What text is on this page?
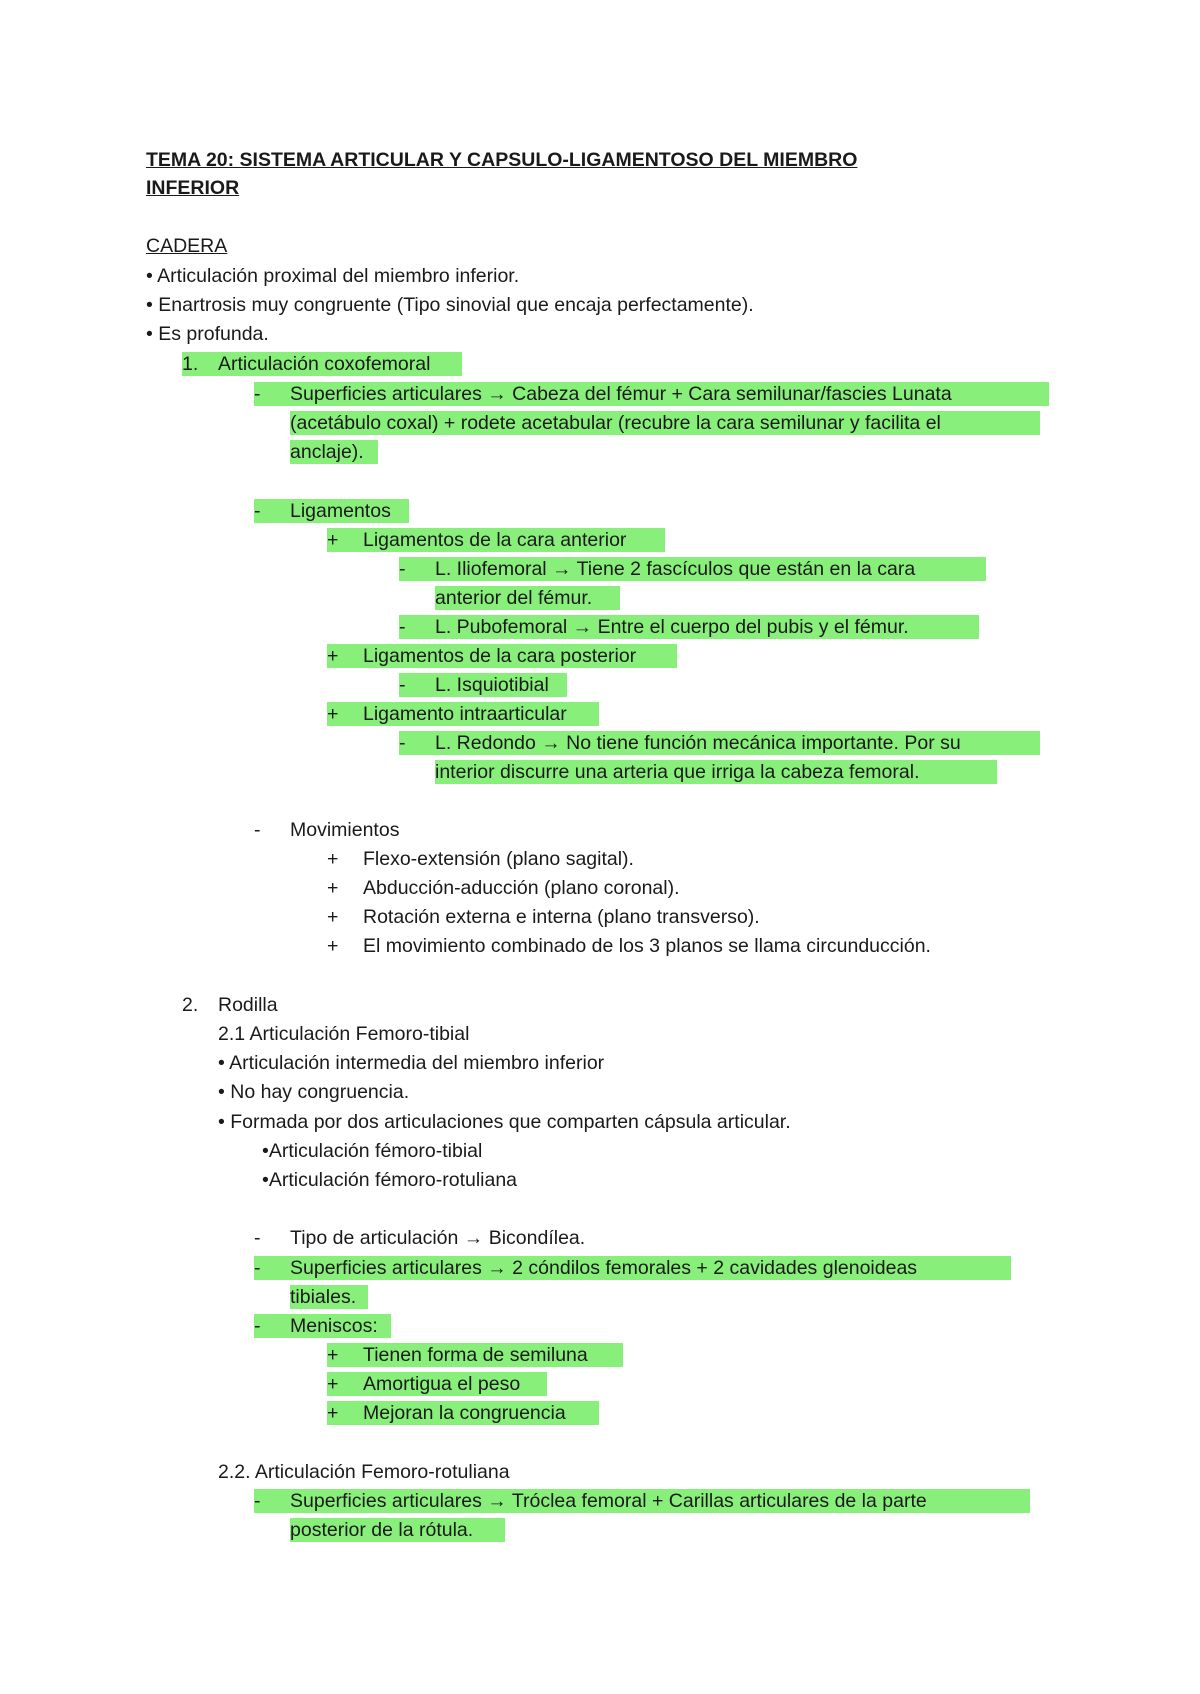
TEMA 20: SISTEMA ARTICULAR Y CAPSULO-LIGAMENTOSO DEL MIEMBRO
INFERIOR
CADERA
• Articulación proximal del miembro inferior.
• Enartrosis muy congruente (Tipo sinovial que encaja perfectamente).
• Es profunda.
1. Articulación coxofemoral
- Superficies articulares → Cabeza del fémur + Cara semilunar/fascies Lunata
(acetábulo coxal) + rodete acetabular (recubre la cara semilunar y facilita el
anclaje).
- Ligamentos
+ Ligamentos de la cara anterior
- L. Iliofemoral → Tiene 2 fascículos que están en la cara
anterior del fémur.
- L. Pubofemoral → Entre el cuerpo del pubis y el fémur.
+ Ligamentos de la cara posterior
- L. Isquiotibial
+ Ligamento intraarticular
- L. Redondo → No tiene función mecánica importante. Por su
interior discurre una arteria que irriga la cabeza femoral.
- Movimientos
+ Flexo-extensión (plano sagital).
+ Abducción-aducción (plano coronal).
+ Rotación externa e interna (plano transverso).
+ El movimiento combinado de los 3 planos se llama circunducción.
2. Rodilla
2.1 Articulación Femoro-tibial
• Articulación intermedia del miembro inferior
• No hay congruencia.
• Formada por dos articulaciones que comparten cápsula articular.
•Articulación fémoro-tibial
•Articulación fémoro-rotuliana
- Tipo de articulación → Bicondílea.
- Superficies articulares → 2 cóndilos femorales + 2 cavidades glenoideas
tibiales.
- Meniscos:
+ Tienen forma de semiluna
+ Amortigua el peso
+ Mejoran la congruencia
2.2. Articulación Femoro-rotuliana
- Superficies articulares → Tróclea femoral + Carillas articulares de la parte
posterior de la rótula.
